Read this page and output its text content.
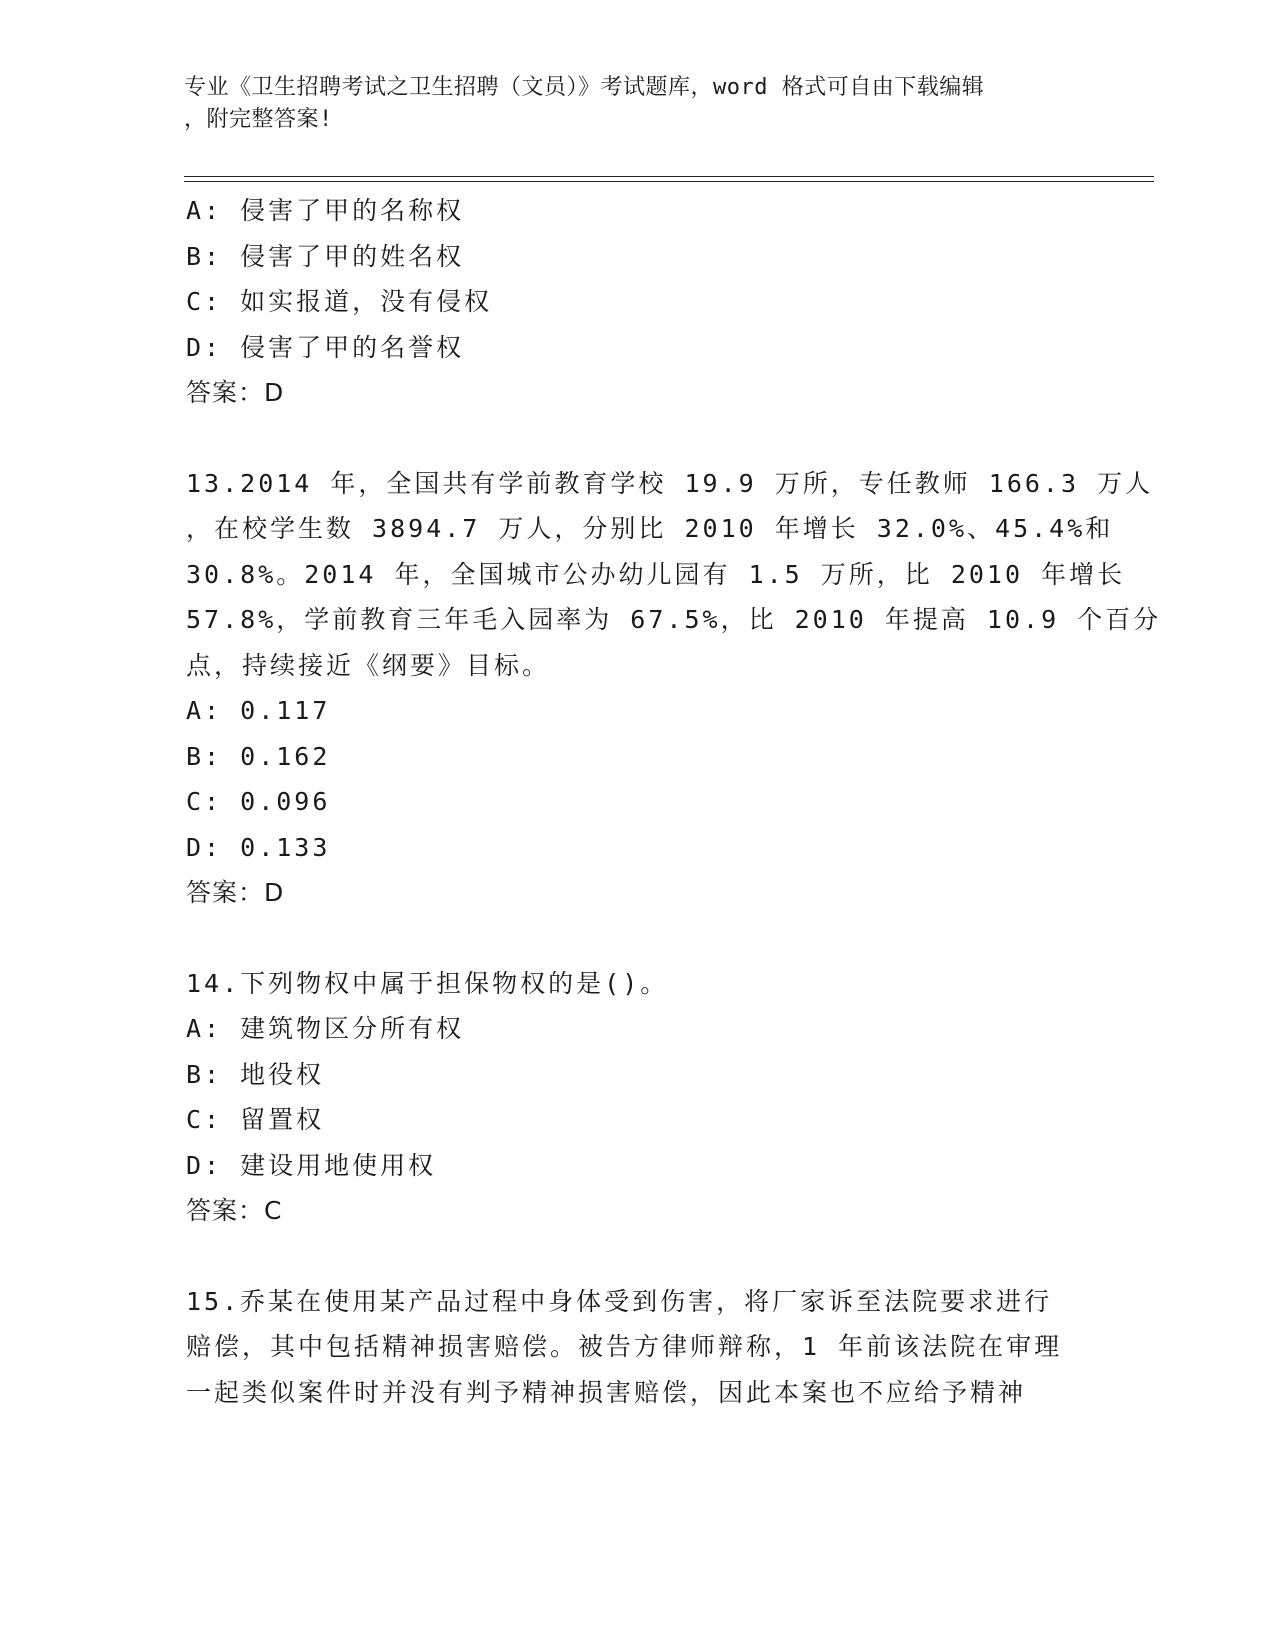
专业《卫生招聘考试之卫生招聘（文员）》考试题库，word 格式可自由下载编辑
，附完整答案!
A: 侵害了甲的名称权
B: 侵害了甲的姓名权
C: 如实报道，没有侵权
D: 侵害了甲的名誉权
答案：D
13.2014 年，全国共有学前教育学校 19.9 万所，专任教师 166.3 万人
，在校学生数 3894.7 万人，分别比 2010 年增长 32.0%、45.4%和
30.8%。2014 年，全国城市公办幼儿园有 1.5 万所，比 2010 年增长
57.8%，学前教育三年毛入园率为 67.5%，比 2010 年提高 10.9 个百分
点，持续接近《纲要》目标。
A: 0.117
B: 0.162
C: 0.096
D: 0.133
答案：D
14.下列物权中属于担保物权的是()。
A: 建筑物区分所有权
B: 地役权
C: 留置权
D: 建设用地使用权
答案：C
15.乔某在使用某产品过程中身体受到伤害，将厂家诉至法院要求进行
赔偿，其中包括精神损害赔偿。被告方律师辩称，1 年前该法院在审理
一起类似案件时并没有判予精神损害赔偿，因此本案也不应给予精神
